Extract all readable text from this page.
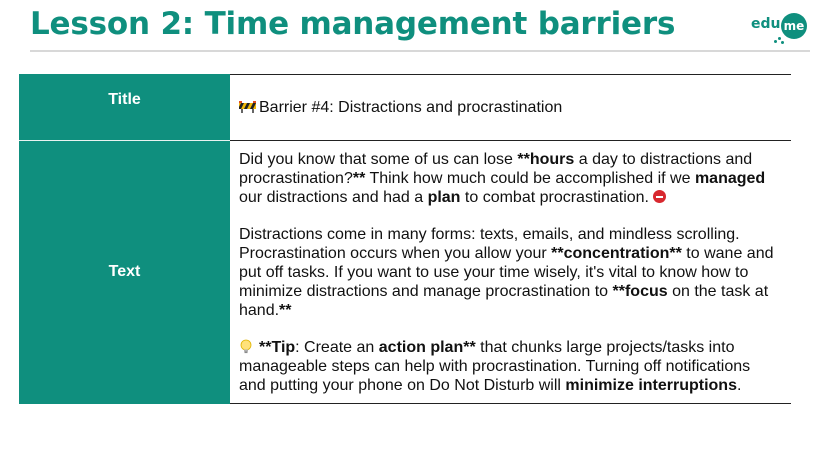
Lesson 2: Time management barriers	edu me
Title	Barrier #4: Distractions and procrastination
Text	Did you know that some of us can lose **hours a day to distractions and procrastination?** Think how much could be accomplished if we managed our distractions and had a plan to combat procrastination.

Distractions come in many forms: texts, emails, and mindless scrolling. Procrastination occurs when you allow your **concentration** to wane and put off tasks. If you want to use your time wisely, it's vital to know how to minimize distractions and manage procrastination to **focus on the task at hand.**

**Tip: Create an action plan** that chunks large projects/tasks into manageable steps can help with procrastination. Turning off notifications and putting your phone on Do Not Disturb will minimize interruptions.
